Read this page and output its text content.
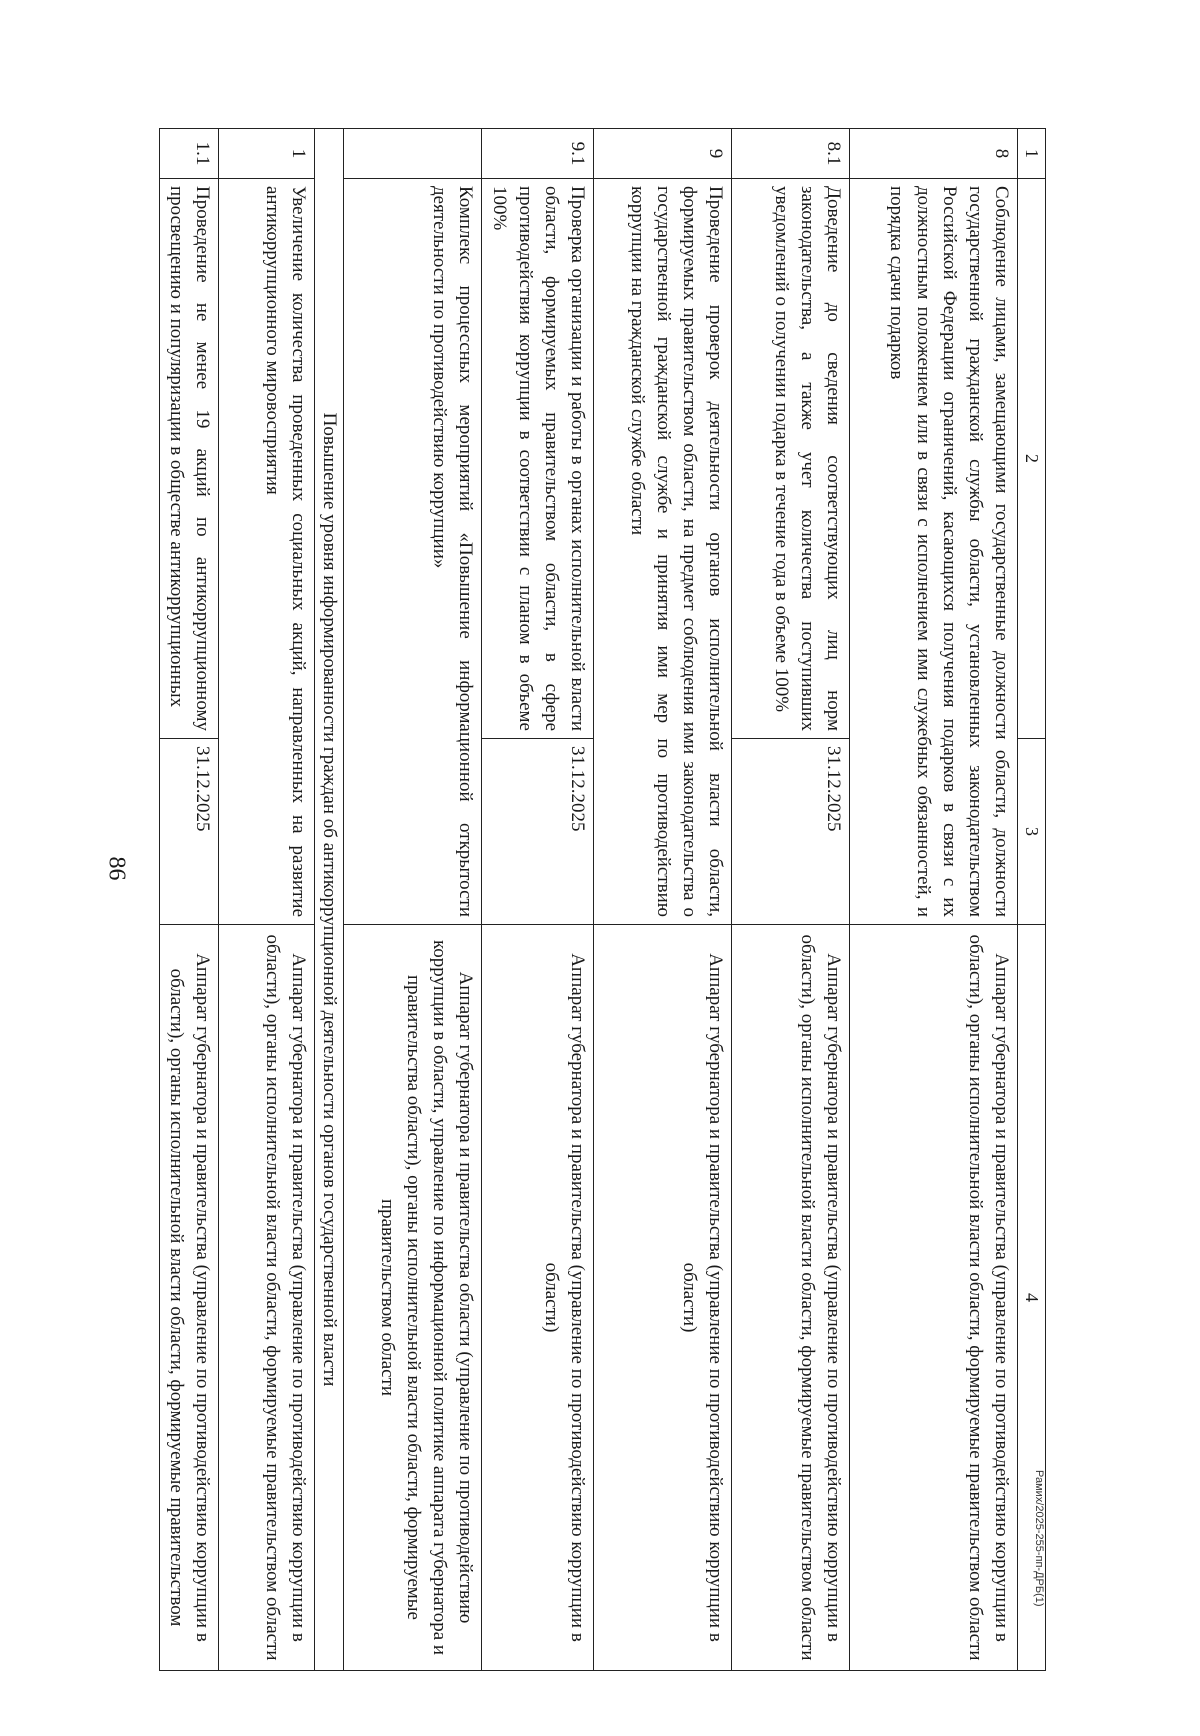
86
Рамих/2025-255-пп-ДРБ(1)
1	2	3	4
8	Соблюдение лицами, замещающими государственные должности области, должности государственной гражданской службы области, установленных законодательством Российской Федерации ограничений, касающихся получения подарков в связи с их должностным положением или в связи с исполнением ими служебных обязанностей, и порядка сдачи подарков		Аппарат губернатора и правительства (управление по противодействию коррупции в области), органы исполнительной власти области, формируемые правительством области
8.1	Доведение до сведения соответствующих лиц норм законодательства, а также учет количества поступивших уведомлений о получении подарка в течение года в объеме 100%	31.12.2025	Аппарат губернатора и правительства (управление по противодействию коррупции в области), органы исполнительной власти области, формируемые правительством области
9	Проведение проверок деятельности органов исполнительной власти области, формируемых правительством области, на предмет соблюдения ими законодательства о государственной гражданской службе и принятия ими мер по противодействию коррупции на гражданской службе области		Аппарат губернатора и правительства (управление по противодействию коррупции в области)
9.1	Проверка организации и работы в органах исполнительной власти области, формируемых правительством области, в сфере противодействия коррупции в соответствии с планом в объеме 100%	31.12.2025	Аппарат губернатора и правительства (управление по противодействию коррупции в области)
	Комплекс процессных мероприятий «Повышение информационной открытости деятельности по противодействию коррупции»		Аппарат губернатора и правительства области (управление по противодействию коррупции в области, управление по информационной политике аппарата губернатора и правительства области), органы исполнительной власти области, формируемые правительством области
Повышение уровня информированности граждан об антикоррупционной деятельности органов государственной власти			
1	Увеличение количества проведенных социальных акций, направленных на развитие антикоррупционного мировосприятия		Аппарат губернатора и правительства (управление по противодействию коррупции в области), органы исполнительной власти области, формируемые правительством области
1.1	Проведение не менее 19 акций по антикоррупционному просвещению и популяризации в обществе антикоррупционных	31.12.2025	Аппарат губернатора и правительства (управление по противодействию коррупции в области), органы исполнительной власти области, формируемые правительством
